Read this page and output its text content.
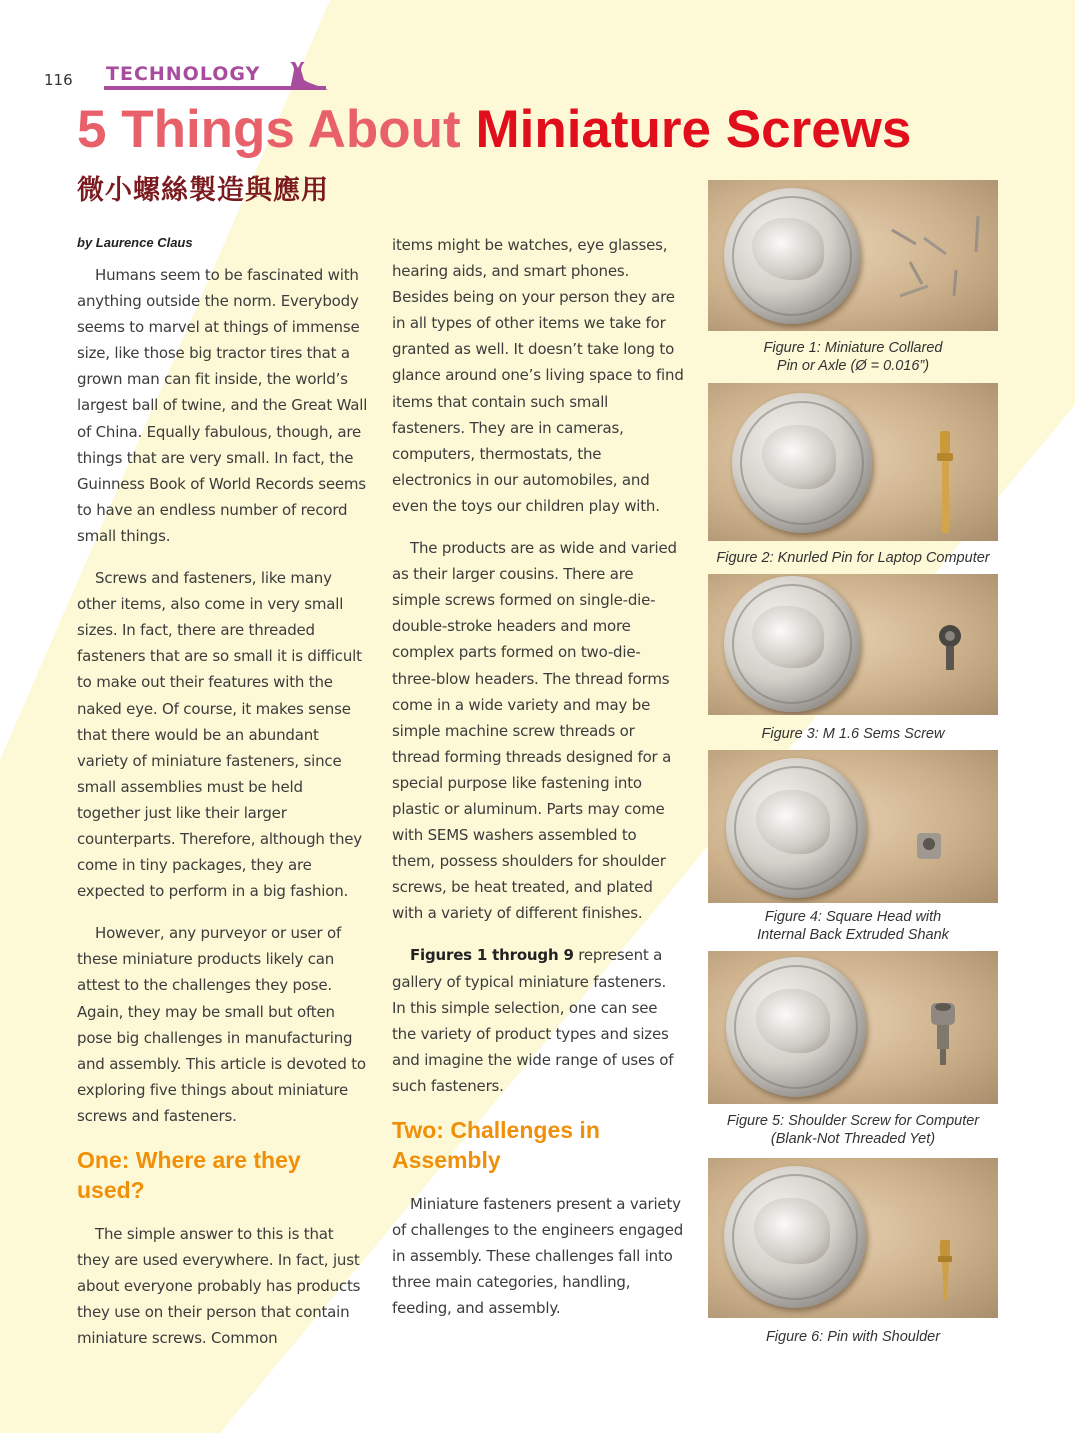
116 TECHNOLOGY
5 Things About Miniature Screws
微小螺絲製造與應用
by Laurence Claus

Humans seem to be fascinated with anything outside the norm. Everybody seems to marvel at things of immense size, like those big tractor tires that a grown man can fit inside, the world’s largest ball of twine, and the Great Wall of China. Equally fabulous, though, are things that are very small. In fact, the Guinness Book of World Records seems to have an endless number of record small things.

Screws and fasteners, like many other items, also come in very small sizes. In fact, there are threaded fasteners that are so small it is difficult to make out their features with the naked eye. Of course, it makes sense that there would be an abundant variety of miniature fasteners, since small assemblies must be held together just like their larger counterparts. Therefore, although they come in tiny packages, they are expected to perform in a big fashion.

However, any purveyor or user of these miniature products likely can attest to the challenges they pose. Again, they may be small but often pose big challenges in manufacturing and assembly. This article is devoted to exploring five things about miniature screws and fasteners.

One: Where are they used?

The simple answer to this is that they are used everywhere. In fact, just about everyone probably has products they use on their person that contain miniature screws. Common

items might be watches, eye glasses, hearing aids, and smart phones. Besides being on your person they are in all types of other items we take for granted as well. It doesn’t take long to glance around one’s living space to find items that contain such small fasteners. They are in cameras, computers, thermostats, the electronics in our automobiles, and even the toys our children play with.

The products are as wide and varied as their larger cousins. There are simple screws formed on single-die-double-stroke headers and more complex parts formed on two-die-three-blow headers. The thread forms come in a wide variety and may be simple machine screw threads or thread forming threads designed for a special purpose like fastening into plastic or aluminum. Parts may come with SEMS washers assembled to them, possess shoulders for shoulder screws, be heat treated, and plated with a variety of different finishes.

Figures 1 through 9 represent a gallery of typical miniature fasteners. In this simple selection, one can see the variety of product types and sizes and imagine the wide range of uses of such fasteners.

Two: Challenges in Assembly

Miniature fasteners present a variety of challenges to the engineers engaged in assembly. These challenges fall into three main categories, handling, feeding, and assembly.

Figure 1: Miniature Collared
Pin or Axle (Ø = 0.016”)
Figure 2: Knurled Pin for Laptop Computer
Figure 3: M 1.6 Sems Screw
Figure 4: Square Head with
Internal Back Extruded Shank
Figure 5: Shoulder Screw for Computer
(Blank-Not Threaded Yet)
Figure 6: Pin with Shoulder
